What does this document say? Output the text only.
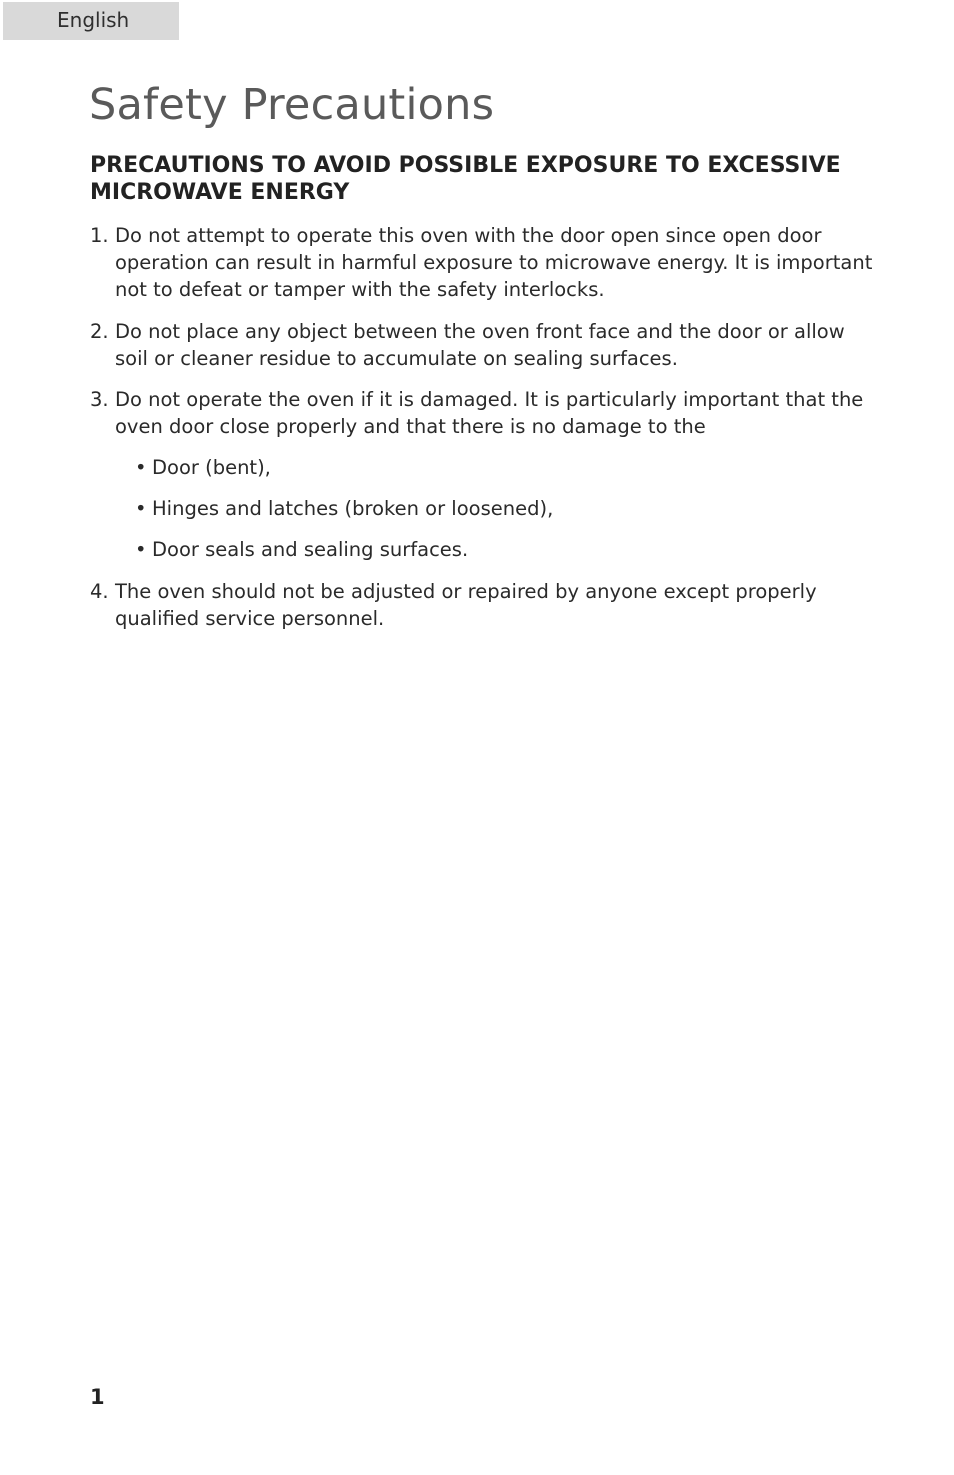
English
Safety Precautions
PRECAUTIONS TO AVOID POSSIBLE EXPOSURE TO EXCESSIVE
MICROWAVE ENERGY
1. Do not attempt to operate this oven with the door open since open door
operation can result in harmful exposure to microwave energy. It is important
not to defeat or tamper with the safety interlocks.
2. Do not place any object between the oven front face and the door or allow
soil or cleaner residue to accumulate on sealing surfaces.
3. Do not operate the oven if it is damaged. It is particularly important that the
oven door close properly and that there is no damage to the
• Door (bent),
• Hinges and latches (broken or loosened),
• Door seals and sealing surfaces.
4. The oven should not be adjusted or repaired by anyone except properly
qualified service personnel.
1
